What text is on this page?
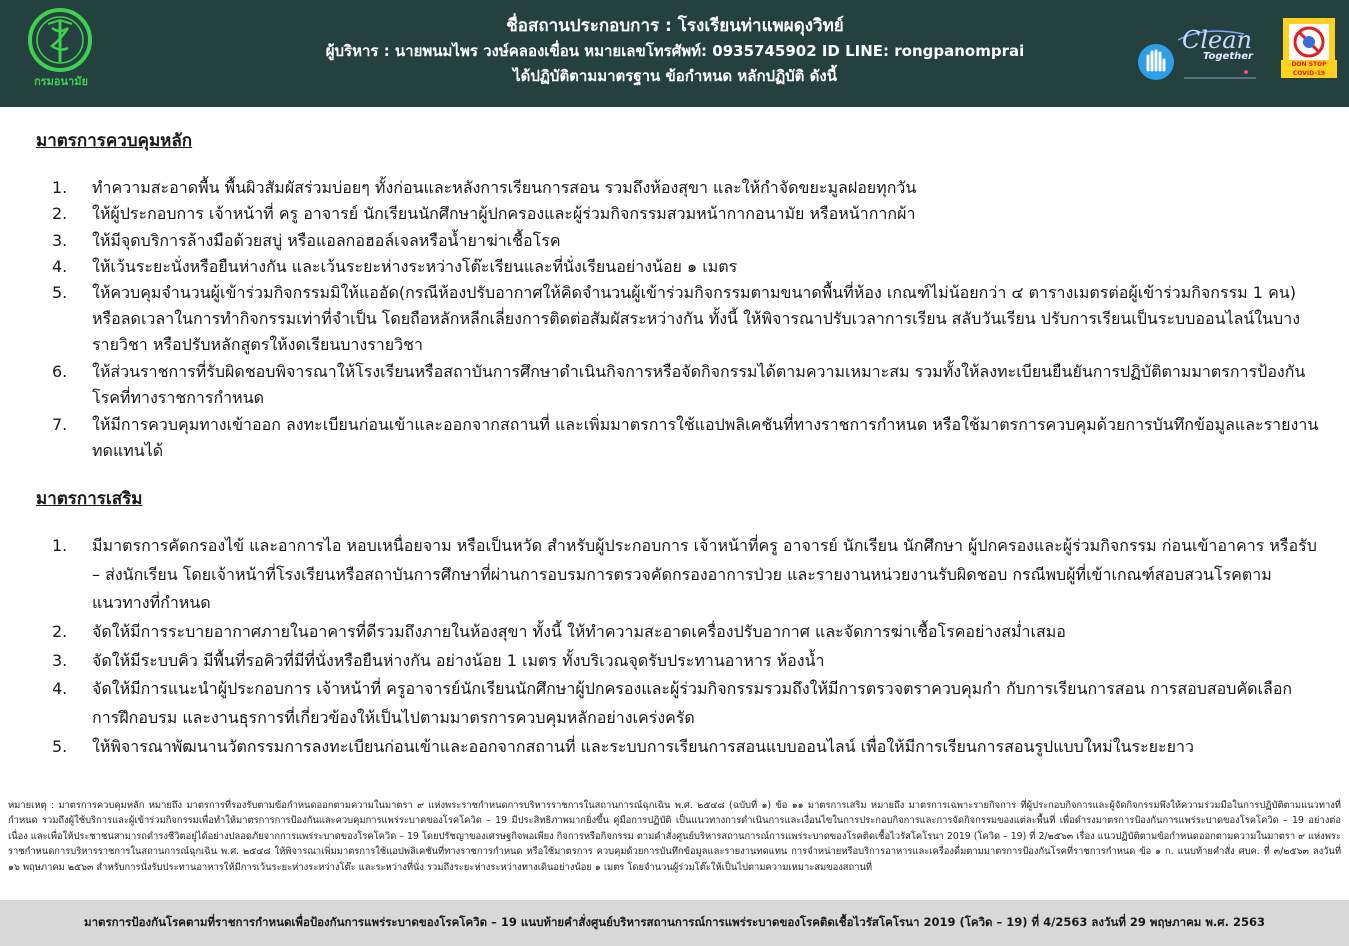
กรมอนามัย
ชื่อสถานประกอบการ : โรงเรียนท่าแพผดุงวิทย์
ผู้บริหาร : นายพนมไพร วงษ์คลองเขื่อน หมายเลขโทรศัพท์: 0935745902 ID LINE: rongpanomprai
ได้ปฏิบัติตามมาตรฐาน ข้อกำหนด หลักปฏิบัติ ดังนี้
Clean
Together
DON STOP COVID-19
มาตรการควบคุมหลัก
1.	ทำความสะอาดพื้น พื้นผิวสัมผัสร่วมบ่อยๆ ทั้งก่อนและหลังการเรียนการสอน รวมถึงห้องสุขา และให้กำจัดขยะมูลฝอยทุกวัน
2.	ให้ผู้ประกอบการ เจ้าหน้าที่ ครู อาจารย์ นักเรียนนักศึกษาผู้ปกครองและผู้ร่วมกิจกรรมสวมหน้ากากอนามัย หรือหน้ากากผ้า
3.	ให้มีจุดบริการล้างมือด้วยสบู่ หรือแอลกอฮอล์เจลหรือน้ำยาฆ่าเชื้อโรค
4.	ให้เว้นระยะนั่งหรือยืนห่างกัน และเว้นระยะห่างระหว่างโต๊ะเรียนและที่นั่งเรียนอย่างน้อย ๑ เมตร
5.	ให้ควบคุมจำนวนผู้เข้าร่วมกิจกรรมมิให้แออัด(กรณีห้องปรับอากาศให้คิดจำนวนผู้เข้าร่วมกิจกรรมตามขนาดพื้นที่ห้อง เกณฑ์ไม่น้อยกว่า ๔ ตารางเมตรต่อผู้เข้าร่วมกิจกรรม 1 คน) หรือลดเวลาในการทำกิจกรรมเท่าที่จำเป็น โดยถือหลักหลีกเลี่ยงการติดต่อสัมผัสระหว่างกัน ทั้งนี้ ให้พิจารณาปรับเวลาการเรียน สลับวันเรียน ปรับการเรียนเป็นระบบออนไลน์ในบางรายวิชา หรือปรับหลักสูตรให้งดเรียนบางรายวิชา
6.	ให้ส่วนราชการที่รับผิดชอบพิจารณาให้โรงเรียนหรือสถาบันการศึกษาดำเนินกิจการหรือจัดกิจกรรมได้ตามความเหมาะสม รวมทั้งให้ลงทะเบียนยืนยันการปฏิบัติตามมาตรการป้องกันโรคที่ทางราชการกำหนด
7.	ให้มีการควบคุมทางเข้าออก ลงทะเบียนก่อนเข้าและออกจากสถานที่ และเพิ่มมาตรการใช้แอปพลิเคชันที่ทางราชการกำหนด หรือใช้มาตรการควบคุมด้วยการบันทึกข้อมูลและรายงานทดแทนได้
มาตรการเสริม
1.	มีมาตรการคัดกรองไข้ และอาการไอ หอบเหนื่อยจาม หรือเป็นหวัด สำหรับผู้ประกอบการ เจ้าหน้าที่ครู อาจารย์ นักเรียน นักศึกษา ผู้ปกครองและผู้ร่วมกิจกรรม ก่อนเข้าอาคาร หรือรับ – ส่งนักเรียน โดยเจ้าหน้าที่โรงเรียนหรือสถาบันการศึกษาที่ผ่านการอบรมการตรวจคัดกรองอาการป่วย และรายงานหน่วยงานรับผิดชอบ กรณีพบผู้ที่เข้าเกณฑ์สอบสวนโรคตามแนวทางที่กำหนด
2.	จัดให้มีการระบายอากาศภายในอาคารที่ดีรวมถึงภายในห้องสุขา ทั้งนี้ ให้ทำความสะอาดเครื่องปรับอากาศ และจัดการฆ่าเชื้อโรคอย่างสม่ำเสมอ
3.	จัดให้มีระบบคิว มีพื้นที่รอคิวที่มีที่นั่งหรือยืนห่างกัน อย่างน้อย 1 เมตร ทั้งบริเวณจุดรับประทานอาหาร ห้องน้ำ
4.	จัดให้มีการแนะนำผู้ประกอบการ เจ้าหน้าที่ ครูอาจารย์นักเรียนนักศึกษาผู้ปกครองและผู้ร่วมกิจกรรมรวมถึงให้มีการตรวจตราควบคุมกำ กับการเรียนการสอน การสอบสอบคัดเลือก การฝึกอบรม และงานธุรการที่เกี่ยวข้องให้เป็นไปตามมาตรการควบคุมหลักอย่างเคร่งครัด
5.	ให้พิจารณาพัฒนานวัตกรรมการลงทะเบียนก่อนเข้าและออกจากสถานที่ และระบบการเรียนการสอนแบบออนไลน์ เพื่อให้มีการเรียนการสอนรูปแบบใหม่ในระยะยาว
หมายเหตุ : มาตรการควบคุมหลัก หมายถึง มาตรการที่รองรับตามข้อกำหนดออกตามความในมาตรา ๙ แห่งพระราชกำหนดการบริหารราชการในสถานการณ์ฉุกเฉิน พ.ศ. ๒๕๔๘ (ฉบับที่ ๑) ข้อ ๑๑ มาตรการเสริม หมายถึง มาตรการเฉพาะรายกิจการ ที่ผู้ประกอบกิจการและผู้จัดกิจกรรมพึงให้ความร่วมมือในการปฏิบัติตามแนวทางที่กำหนด รวมถึงผู้ใช้บริการและผู้เข้าร่วมกิจกรรมเพื่อทำให้มาตรการการป้องกันและควบคุมการแพร่ระบาดของโรคโควิด – 19 มีประสิทธิภาพมากยิ่งขึ้น คู่มือการปฏิบัติ เป็นแนวทางการดำเนินการและเงื่อนไขในการประกอบกิจการและการจัดกิจกรรมของแต่ละพื้นที่ เพื่อดำรงมาตรการป้องกันการแพร่ระบาดของโรคโควิด – 19 อย่างต่อเนื่อง และเพื่อให้ประชาชนสามารถดำรงชีวิตอยู่ได้อย่างปลอดภัยจากการแพร่ระบาดของโรคโควิด – 19 โดยปรัชญาของเศรษฐกิจพอเพียง กิจการหรือกิจกรรม ตามคำสั่งศูนย์บริหารสถานการณ์การแพร่ระบาดของโรคติดเชื้อไวรัสโคโรนา 2019 (โควิด – 19) ที่ 2/๒๕๖๓ เรื่อง แนวปฏิบัติตามข้อกำหนดออกตามความในมาตรา ๙ แห่งพระราชกำหนดการบริหารราชการในสถานการณ์ฉุกเฉิน พ.ศ. ๒๕๔๘ ให้พิจารณาเพิ่มมาตรการใช้แอปพลิเคชันที่ทางราชการกำหนด หรือใช้มาตรการ ควบคุมด้วยการบันทึกข้อมูลและรายงานทดแทน การจำหน่ายหรือบริการอาหารและเครื่องดื่มตามมาตรการป้องกันโรคที่ราชการกำหนด ข้อ ๑ ก. แนบท้ายคำสั่ง ศบค. ที่ ๓/๒๕๖๓ ลงวันที่ ๑๖ พฤษภาคม ๒๕๖๓ สำหรับการนั่งรับประทานอาหารให้มีการเว้นระยะห่างระหว่างโต๊ะ และระหว่างที่นั่ง รวมถึงระยะห่างระหว่างทางเดินอย่างน้อย ๑ เมตร โดยจำนวนผู้ร่วมโต๊ะให้เป็นไปตามความเหมาะสมของสถานที่
มาตรการป้องกันโรคตามที่ราชการกำหนดเพื่อป้องกันการแพร่ระบาดของโรคโควิด – 19 แนบท้ายคำสั่งศูนย์บริหารสถานการณ์การแพร่ระบาดของโรคติดเชื้อไวรัสโคโรนา 2019 (โควิด – 19) ที่ 4/2563 ลงวันที่ 29 พฤษภาคม พ.ศ. 2563
